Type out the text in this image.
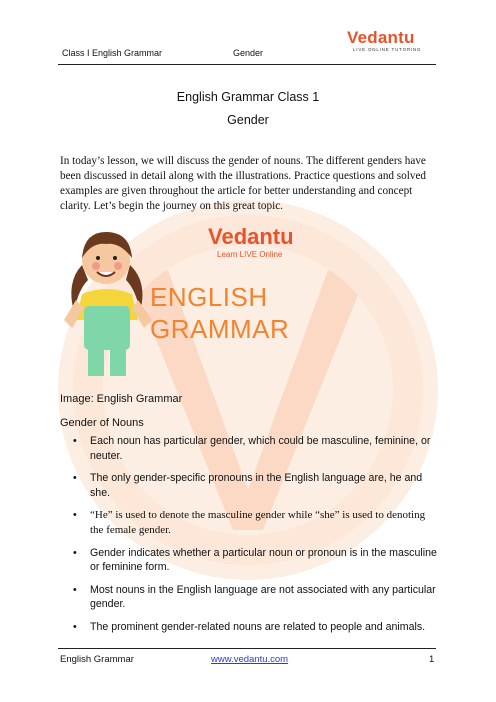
Class I English Grammar	Gender
Vedantu
LIVE ONLINE TUTORING
English Grammar Class 1
Gender
In today’s lesson, we will discuss the gender of nouns. The different genders have been discussed in detail along with the illustrations. Practice questions and solved examples are given throughout the article for better understanding and concept clarity. Let’s begin the journey on this great topic.
Vedantu
Learn LIVE Online
ENGLISH
GRAMMAR
Image: English Grammar
Gender of Nouns
• Each noun has particular gender, which could be masculine, feminine, or neuter.
• The only gender-specific pronouns in the English language are, he and she.
• “He” is used to denote the masculine gender while “she” is used to denoting the female gender.
• Gender indicates whether a particular noun or pronoun is in the masculine or feminine form.
• Most nouns in the English language are not associated with any particular gender.
• The prominent gender-related nouns are related to people and animals.
English Grammar	www.vedantu.com	1
